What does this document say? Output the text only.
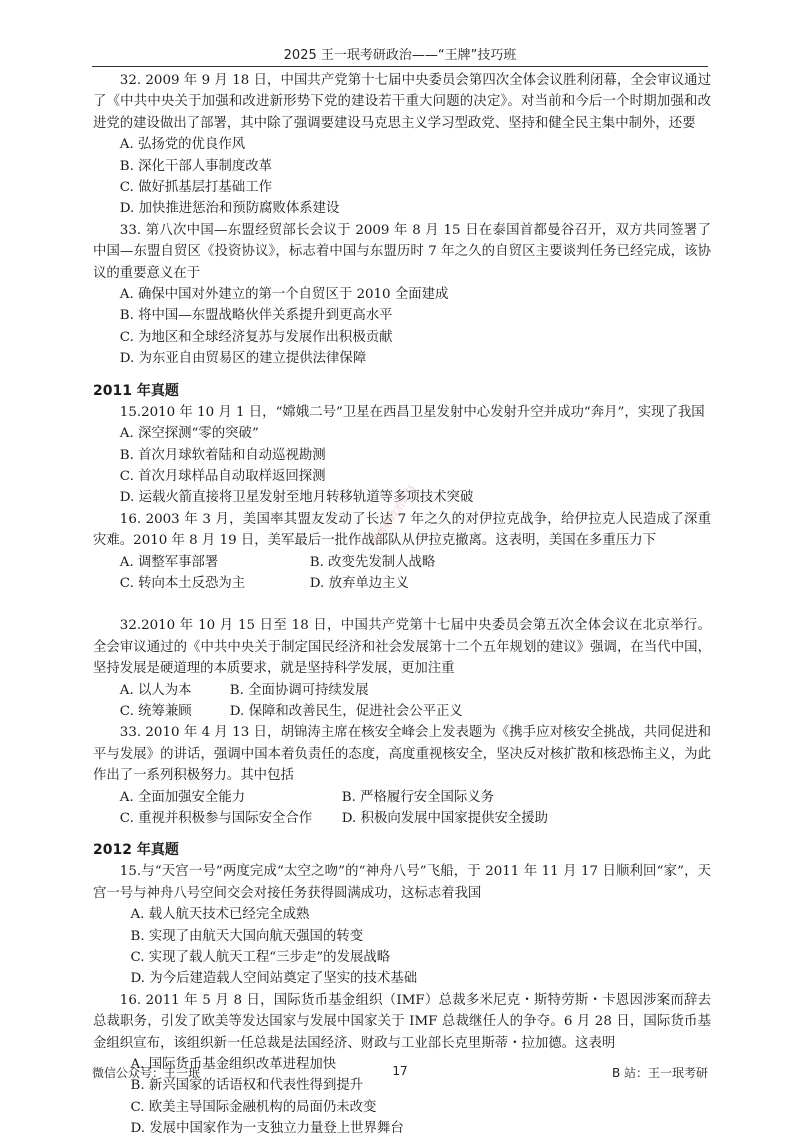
2025 王一珉考研政治——“王牌”技巧班

32. 2009 年 9 月 18 日，中国共产党第十七届中央委员会第四次全体会议胜利闭幕，全会审议通过了《中共中央关于加强和改进新形势下党的建设若干重大问题的决定》。对当前和今后一个时期加强和改进党的建设做出了部署，其中除了强调要建设马克思主义学习型政党、坚持和健全民主集中制外，还要

A. 弘扬党的优良作风

B. 深化干部人事制度改革

C. 做好抓基层打基础工作

D. 加快推进惩治和预防腐败体系建设

33. 第八次中国—东盟经贸部长会议于 2009 年 8 月 15 日在泰国首都曼谷召开，双方共同签署了中国—东盟自贸区《投资协议》，标志着中国与东盟历时 7 年之久的自贸区主要谈判任务已经完成，该协议的重要意义在于

A. 确保中国对外建立的第一个自贸区于 2010 全面建成

B. 将中国—东盟战略伙伴关系提升到更高水平

C. 为地区和全球经济复苏与发展作出积极贡献

D. 为东亚自由贸易区的建立提供法律保障

2011 年真题

15.2010 年 10 月 1 日，“嫦娥二号”卫星在西昌卫星发射中心发射升空并成功“奔月”，实现了我国

A. 深空探测“零的突破”

B. 首次月球软着陆和自动巡视勘测

C. 首次月球样品自动取样返回探测

D. 运载火箭直接将卫星发射至地月转移轨道等多项技术突破

16. 2003 年 3 月，美国率其盟友发动了长达 7 年之久的对伊拉克战争，给伊拉克人民造成了深重灾难。2010 年 8 月 19 日，美军最后一批作战部队从伊拉克撤离。这表明，美国在多重压力下

A. 调整军事部署	B. 改变先发制人战略
C. 转向本土反恐为主	D. 放弃单边主义

32.2010 年 10 月 15 日至 18 日，中国共产党第十七届中央委员会第五次全体会议在北京举行。全会审议通过的《中共中央关于制定国民经济和社会发展第十二个五年规划的建议》强调，在当代中国，坚持发展是硬道理的本质要求，就是坚持科学发展，更加注重

A. 以人为本	B. 全面协调可持续发展
C. 统筹兼顾	D. 保障和改善民生，促进社会公平正义

33. 2010 年 4 月 13 日，胡锦涛主席在核安全峰会上发表题为《携手应对核安全挑战，共同促进和平与发展》的讲话，强调中国本着负责任的态度，高度重视核安全，坚决反对核扩散和核恐怖主义，为此作出了一系列积极努力。其中包括

A. 全面加强安全能力	B. 严格履行安全国际义务
C. 重视并积极参与国际安全合作	D. 积极向发展中国家提供安全援助
2012 年真题

15.与“天宫一号”两度完成“太空之吻”的“神舟八号”飞船，于 2011 年 11 月 17 日顺利回“家”，天宫一号与神舟八号空间交会对接任务获得圆满成功，这标志着我国

A. 载人航天技术已经完全成熟

B. 实现了由航天大国向航天强国的转变

C. 实现了载人航天工程“三步走”的发展战略

D. 为今后建造载人空间站奠定了坚实的技术基础

16. 2011 年 5 月 8 日，国际货币基金组织（IMF）总裁多米尼克・斯特劳斯・卡恩因涉案而辞去总裁职务，引发了欧美等发达国家与发展中国家关于 IMF 总裁继任人的争夺。6 月 28 日，国际货币基金组织宣布，该组织新一任总裁是法国经济、财政与工业部长克里斯蒂・拉加德。这表明

A. 国际货币基金组织改革进程加快

B. 新兴国家的话语权和代表性得到提升

C. 欧美主导国际金融机构的局面仍未改变

D. 发展中国家作为一支独立力量登上世界舞台

王一珉考研政治资料
微信公众号：王一珉	17	B 站：王一珉考研
